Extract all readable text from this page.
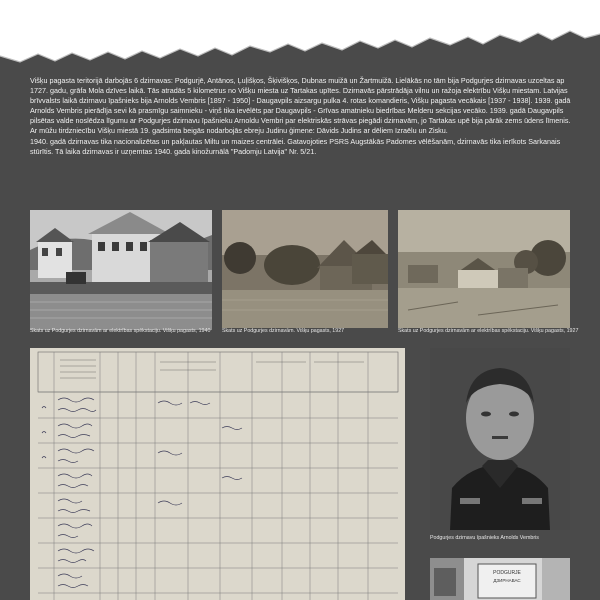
Višķu pagasta teritorijā darbojās 6 dzirnavas: Podgurjē, Antānos, Ļuļišķos, Šķivišķos, Dubnas muižā un Žartmuižā. Lielākās no tām bija Podgurjes dzirnavas uzceltas ap 1727. gadu, grāfa Mola dzīves laikā. Tās atradās 5 kilometrus no Višķu miesta uz Tartakas upītes. Dzirnavās pārstrādāja vilnu un ražoja elektrību Višķu miestam. Latvijas brīvvalsts laikā dzirnavu īpašnieks bija Arnolds Vembris [1897 - 1950] - Daugavpils aizsargu pulka 4. rotas komandieris, Višķu pagasta vecākais [1937 - 1938]. 1939. gadā Arnolds Vembris pierādīja sevi kā prasmīgu saimnieku - viņš tika ievēlēts par Daugavpils - Grīvas amatnieku biedrības Melderu sekcijas vecāko. 1939. gadā Daugavpils pilsētas valde noslēdza līgumu ar Podgurjes dzirnavu īpašnieku Arnoldu Vembri par elektriskās strāvas piegādi dzirnavām, jo Tartakas upē bija pārāk zems ūdens līmenis.

Ar mūžu tirdzniecību Višķu miestā 19. gadsimta beigās nodarbojās ebreju Judinu ģimene: Dāvids Judins ar dēliem Izraēlu un Zisku.

1940. gadā dzirnavas tika nacionalizētas un pakļautas Miltu un maizes centrālei. Gatavojoties PSRS Augstākās Padomes vēlēšanām, dzirnavās tika ierīkots Sarkanais stūrītis. Tā laika dzirnavas ir uzņemtas 1940. gada kinožurnālā "Padomju Latvija" Nr. 5/21.

Skats uz Podgurjes dzirnavām ar elektrības spēkstaciju. Višķu pagasts, 1940 Skats uz Podgurjes dzirnavām. Višķu pagasts, 1927	Skats uz Podgurjes dzirnavām ar elektrības spēkstaciju. Višķu pagasts, 1927
Podgurjes dzirnavu īpašnieks Arnolds Vembris
PODGURJE
ДЗИРНАВАС
